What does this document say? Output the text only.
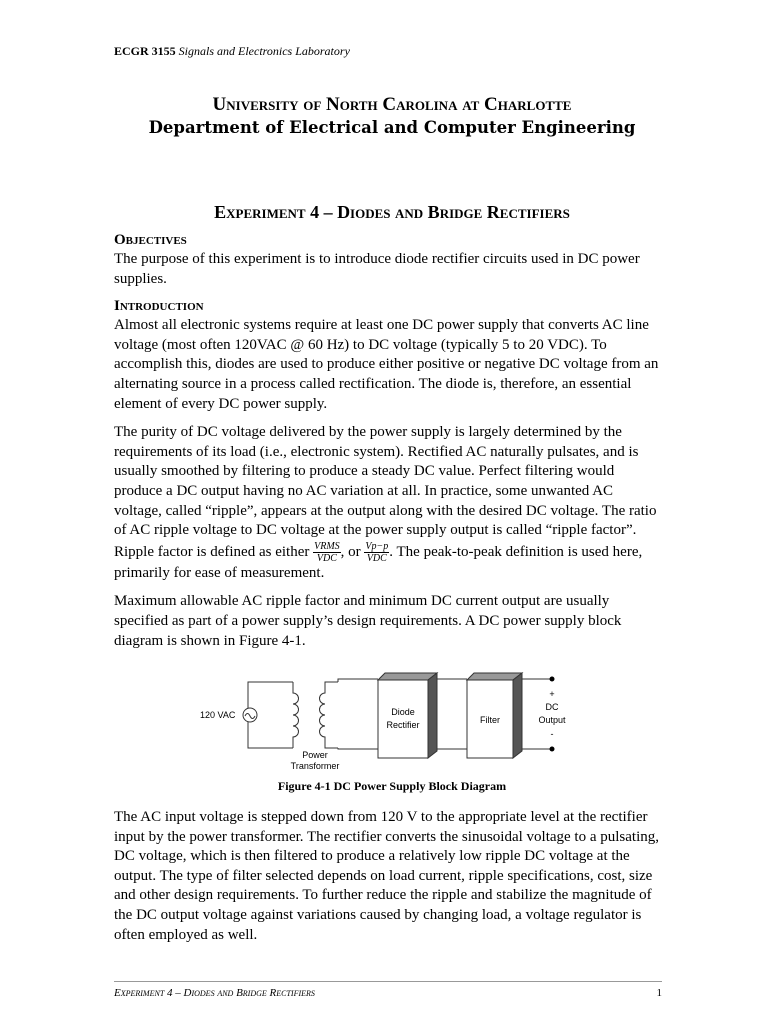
ECGR 3155 Signals and Electronics Laboratory
University of North Carolina at Charlotte
Department of Electrical and Computer Engineering
Experiment 4 – Diodes and Bridge Rectifiers
Objectives

The purpose of this experiment is to introduce diode rectifier circuits used in DC power supplies.

Introduction

Almost all electronic systems require at least one DC power supply that converts AC line voltage (most often 120VAC @ 60 Hz) to DC voltage (typically 5 to 20 VDC). To accomplish this, diodes are used to produce either positive or negative DC voltage from an alternating source in a process called rectification. The diode is, therefore, an essential element of every DC power supply.

The purity of DC voltage delivered by the power supply is largely determined by the requirements of its load (i.e., electronic system). Rectified AC naturally pulsates, and is usually smoothed by filtering to produce a steady DC value. Perfect filtering would produce a DC output having no AC variation at all. In practice, some unwanted AC voltage, called “ripple”, appears at the output along with the desired DC voltage. The ratio of AC ripple voltage to DC voltage at the power supply output is called “ripple factor”. Ripple factor is defined as either $\frac{\text{VRMS}}{\text{VDC}}$ , or $\frac{Vp-p}{\text{VDC}}$ . The peak-to-peak definition is used here, primarily for ease of measurement.

Maximum allowable AC ripple factor and minimum DC current output are usually specified as part of a power supply’s design requirements. A DC power supply block diagram is shown in Figure 4-1.

120 VAC
Power
Transformer
Diode
Rectifier	Filter
+
DC
Output
-
Figure 4-1 DC Power Supply Block Diagram

The AC input voltage is stepped down from 120 V to the appropriate level at the rectifier input by the power transformer. The rectifier converts the sinusoidal voltage to a pulsating, DC voltage, which is then filtered to produce a relatively low ripple DC voltage at the output. The type of filter selected depends on load current, ripple specifications, cost, size and other design requirements. To further reduce the ripple and stabilize the magnitude of the DC output voltage against variations caused by changing load, a voltage regulator is often employed as well.

Experiment 4 – Diodes and Bridge Rectifiers	1
